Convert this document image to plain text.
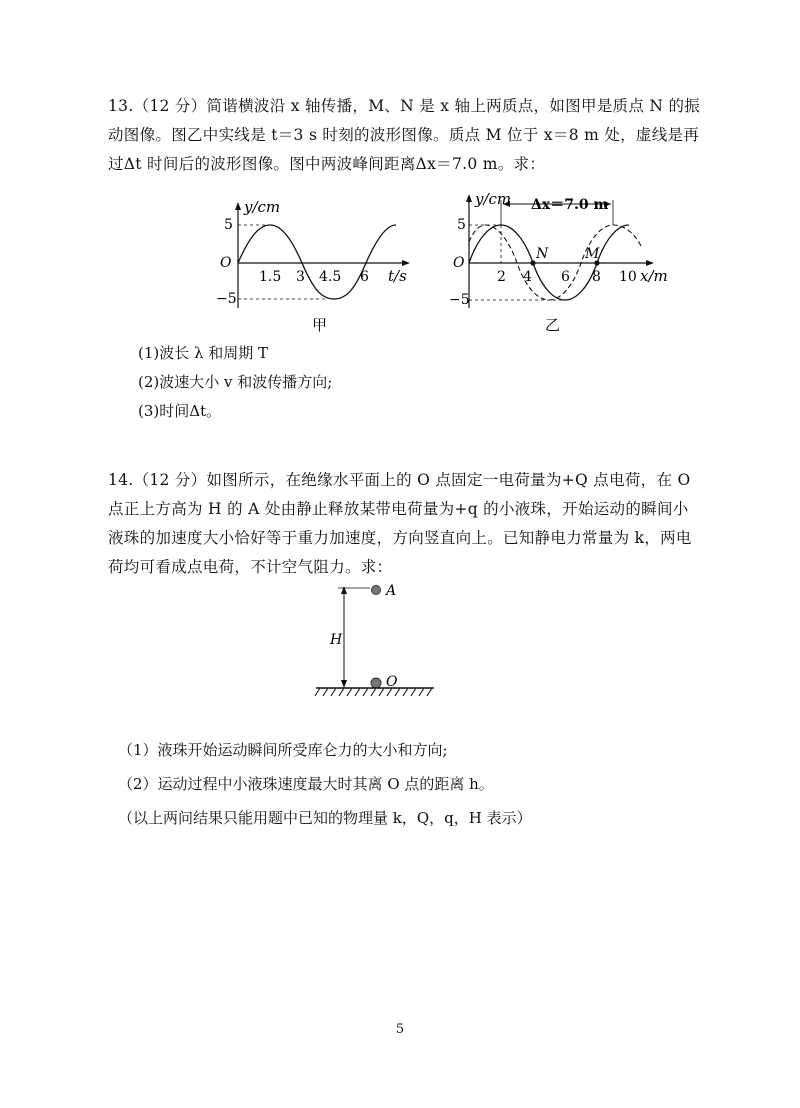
13.（12 分）简谐横波沿 x 轴传播，M、N 是 x 轴上两质点，如图甲是质点 N 的振动图像。图乙中实线是 t＝3 s 时刻的波形图像。质点 M 位于 x＝8 m 处，虚线是再过Δt 时间后的波形图像。图中两波峰间距离Δx＝7.0 m。求：
y/cm
5
O
−5
1.5 3 4.5 6 t/s
甲
Δx＝7.0 m
y/cm
5
O
−5
2 4
N
6
M
8 10 x/m
乙
(1)波长 λ 和周期 T
(2)波速大小 v 和波传播方向;
(3)时间Δt。
14.（12 分）如图所示，在绝缘水平面上的 O 点固定一电荷量为+Q 点电荷，在 O 点正上方高为 H 的 A 处由静止释放某带电荷量为+q 的小液珠，开始运动的瞬间小液珠的加速度大小恰好等于重力加速度，方向竖直向上。已知静电力常量为 k，两电荷均可看成点电荷，不计空气阻力。求：
H
A
O
（1）液珠开始运动瞬间所受库仑力的大小和方向;
（2）运动过程中小液珠速度最大时其离 O 点的距离 h。
（以上两问结果只能用题中已知的物理量 k，Q，q，H 表示）
5
